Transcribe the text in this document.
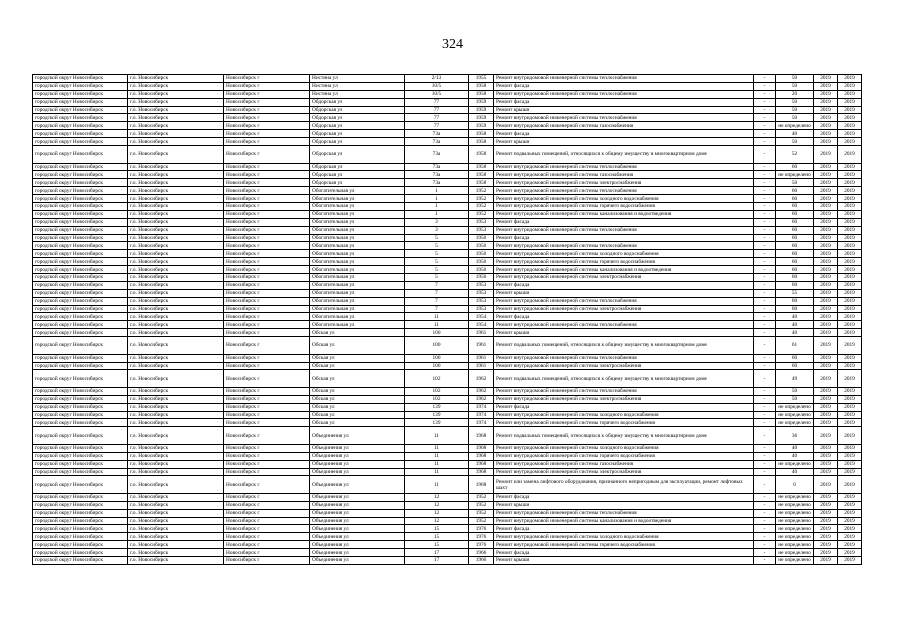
324
городской округ Новосибирск	г.о. Новосибирск	Новосибирск г	Нистина ул	2/13	1955	Ремонт внутридомовой инженерной системы теплоснабжения	-	50	2019	2019
городской округ Новосибирск	г.о. Новосибирск	Новосибирск г	Нистина ул	10/5	1958	Ремонт фасада	-	50	2019	2019
городской округ Новосибирск	г.о. Новосибирск	Новосибирск г	Нистина ул	10/5	1958	Ремонт внутридомовой инженерной системы теплоснабжения	-	20	2019	2019
городской округ Новосибирск	г.о. Новосибирск	Новосибирск г	Обдорская ул	77	1959	Ремонт фасада	-	50	2019	2019
городской округ Новосибирск	г.о. Новосибирск	Новосибирск г	Обдорская ул	77	1959	Ремонт крыши	-	50	2019	2019
городской округ Новосибирск	г.о. Новосибирск	Новосибирск г	Обдорская ул	77	1959	Ремонт внутридомовой инженерной системы теплоснабжения	-	50	2019	2019
городской округ Новосибирск	г.о. Новосибирск	Новосибирск г	Обдорская ул	77	1959	Ремонт внутридомовой инженерной системы газоснабжения	-	не определено	2019	2019
городской округ Новосибирск	г.о. Новосибирск	Новосибирск г	Обдорская ул	73а	1958	Ремонт фасада	-	40	2019	2019
городской округ Новосибирск	г.о. Новосибирск	Новосибирск г	Обдорская ул	73а	1958	Ремонт крыши	-	50	2019	2019
городской округ Новосибирск	г.о. Новосибирск	Новосибирск г	Обдорская ул	73а	1958	Ремонт подвальных помещений, относящихся к общему имуществу в многоквартирном доме	-	52	2019	2019
городской округ Новосибирск	г.о. Новосибирск	Новосибирск г	Обдорская ул	73а	1958	Ремонт внутридомовой инженерной системы теплоснабжения	-	60	2019	2019
городской округ Новосибирск	г.о. Новосибирск	Новосибирск г	Обдорская ул	73а	1958	Ремонт внутридомовой инженерной системы газоснабжения	-	не определено	2019	2019
городской округ Новосибирск	г.о. Новосибирск	Новосибирск г	Обдорская ул	73а	1958	Ремонт внутридомовой инженерной системы электроснабжения	-	50	2019	2019
городской округ Новосибирск	г.о. Новосибирск	Новосибирск г	Обогатительная ул	1	1952	Ремонт внутридомовой инженерной системы теплоснабжения	-	60	2019	2019
городской округ Новосибирск	г.о. Новосибирск	Новосибирск г	Обогатительная ул	1	1952	Ремонт внутридомовой инженерной системы холодного водоснабжения	-	60	2019	2019
городской округ Новосибирск	г.о. Новосибирск	Новосибирск г	Обогатительная ул	1	1952	Ремонт внутридомовой инженерной системы горячего водоснабжения	-	60	2019	2019
городской округ Новосибирск	г.о. Новосибирск	Новосибирск г	Обогатительная ул	1	1952	Ремонт внутридомовой инженерной системы канализования и водоотведения	-	60	2019	2019
городской округ Новосибирск	г.о. Новосибирск	Новосибирск г	Обогатительная ул	3	1953	Ремонт фасада	-	60	2019	2019
городской округ Новосибирск	г.о. Новосибирск	Новосибирск г	Обогатительная ул	3	1953	Ремонт внутридомовой инженерной системы теплоснабжения	-	60	2019	2019
городской округ Новосибирск	г.о. Новосибирск	Новосибирск г	Обогатительная ул	5	1950	Ремонт фасада	-	60	2019	2019
городской округ Новосибирск	г.о. Новосибирск	Новосибирск г	Обогатительная ул	5	1950	Ремонт внутридомовой инженерной системы теплоснабжения	-	60	2019	2019
городской округ Новосибирск	г.о. Новосибирск	Новосибирск г	Обогатительная ул	5	1950	Ремонт внутридомовой инженерной системы холодного водоснабжения	-	60	2019	2019
городской округ Новосибирск	г.о. Новосибирск	Новосибирск г	Обогатительная ул	5	1950	Ремонт внутридомовой инженерной системы горячего водоснабжения	-	60	2019	2019
городской округ Новосибирск	г.о. Новосибирск	Новосибирск г	Обогатительная ул	5	1950	Ремонт внутридомовой инженерной системы канализования и водоотведения	-	60	2019	2019
городской округ Новосибирск	г.о. Новосибирск	Новосибирск г	Обогатительная ул	5	1950	Ремонт внутридомовой инженерной системы электроснабжения	-	60	2019	2019
городской округ Новосибирск	г.о. Новосибирск	Новосибирск г	Обогатительная ул	7	1953	Ремонт фасада	-	60	2019	2019
городской округ Новосибирск	г.о. Новосибирск	Новосибирск г	Обогатительная ул	7	1953	Ремонт крыши	-	55	2019	2019
городской округ Новосибирск	г.о. Новосибирск	Новосибирск г	Обогатительная ул	7	1953	Ремонт внутридомовой инженерной системы теплоснабжения	-	60	2019	2019
городской округ Новосибирск	г.о. Новосибирск	Новосибирск г	Обогатительная ул	7	1953	Ремонт внутридомовой инженерной системы электроснабжения	-	60	2019	2019
городской округ Новосибирск	г.о. Новосибирск	Новосибирск г	Обогатительная ул	11	1954	Ремонт фасада	-	40	2019	2019
городской округ Новосибирск	г.о. Новосибирск	Новосибирск г	Обогатительная ул	11	1954	Ремонт внутридомовой инженерной системы теплоснабжения	-	40	2019	2019
городской округ Новосибирск	г.о. Новосибирск	Новосибирск г	Обская ул	100	1961	Ремонт крыши	-	40	2019	2019
городской округ Новосибирск	г.о. Новосибирск	Новосибирск г	Обская ул	100	1961	Ремонт подвальных помещений, относящихся к общему имуществу в многоквартирном доме	-	61	2019	2019
городской округ Новосибирск	г.о. Новосибирск	Новосибирск г	Обская ул	100	1961	Ремонт внутридомовой инженерной системы теплоснабжения	-	60	2019	2019
городской округ Новосибирск	г.о. Новосибирск	Новосибирск г	Обская ул	100	1961	Ремонт внутридомовой инженерной системы электроснабжения	-	60	2019	2019
городской округ Новосибирск	г.о. Новосибирск	Новосибирск г	Обская ул	102	1962	Ремонт подвальных помещений, относящихся к общему имуществу в многоквартирном доме	-	49	2019	2019
городской округ Новосибирск	г.о. Новосибирск	Новосибирск г	Обская ул	102	1962	Ремонт внутридомовой инженерной системы теплоснабжения	-	50	2019	2019
городской округ Новосибирск	г.о. Новосибирск	Новосибирск г	Обская ул	102	1962	Ремонт внутридомовой инженерной системы электроснабжения	-	50	2019	2019
городской округ Новосибирск	г.о. Новосибирск	Новосибирск г	Обская ул	139	1974	Ремонт фасада	-	не определено	2019	2019
городской округ Новосибирск	г.о. Новосибирск	Новосибирск г	Обская ул	139	1974	Ремонт внутридомовой инженерной системы холодного водоснабжения	-	не определено	2019	2019
городской округ Новосибирск	г.о. Новосибирск	Новосибирск г	Обская ул	139	1974	Ремонт внутридомовой инженерной системы горячего водоснабжения	-	не определено	2019	2019
городской округ Новосибирск	г.о. Новосибирск	Новосибирск г	Объединения ул	11	1968	Ремонт подвальных помещений, относящихся к общему имуществу в многоквартирном доме	-	36	2019	2019
городской округ Новосибирск	г.о. Новосибирск	Новосибирск г	Объединения ул	11	1968	Ремонт внутридомовой инженерной системы холодного водоснабжения	-	40	2019	2019
городской округ Новосибирск	г.о. Новосибирск	Новосибирск г	Объединения ул	11	1968	Ремонт внутридомовой инженерной системы горячего водоснабжения	-	40	2019	2019
городской округ Новосибирск	г.о. Новосибирск	Новосибирск г	Объединения ул	11	1968	Ремонт внутридомовой инженерной системы газоснабжения	-	не определено	2019	2019
городской округ Новосибирск	г.о. Новосибирск	Новосибирск г	Объединения ул	11	1968	Ремонт внутридомовой инженерной системы электроснабжения	-	40	2019	2019
городской округ Новосибирск	г.о. Новосибирск	Новосибирск г	Объединения ул	11	1968	Ремонт или замена лифтового оборудования, признанного непригодным для эксплуатации, ремонт лифтовых шахт	-	0	2019	2019
городской округ Новосибирск	г.о. Новосибирск	Новосибирск г	Объединения ул	12	1952	Ремонт фасада	-	не определено	2019	2019
городской округ Новосибирск	г.о. Новосибирск	Новосибирск г	Объединения ул	12	1952	Ремонт крыши	-	не определено	2019	2019
городской округ Новосибирск	г.о. Новосибирск	Новосибирск г	Объединения ул	12	1952	Ремонт внутридомовой инженерной системы теплоснабжения	-	не определено	2019	2019
городской округ Новосибирск	г.о. Новосибирск	Новосибирск г	Объединения ул	12	1952	Ремонт внутридомовой инженерной системы канализования и водоотведения	-	не определено	2019	2019
городской округ Новосибирск	г.о. Новосибирск	Новосибирск г	Объединения ул	15	1976	Ремонт фасада	-	не определено	2019	2019
городской округ Новосибирск	г.о. Новосибирск	Новосибирск г	Объединения ул	15	1976	Ремонт внутридомовой инженерной системы холодного водоснабжения	-	не определено	2019	2019
городской округ Новосибирск	г.о. Новосибирск	Новосибирск г	Объединения ул	15	1976	Ремонт внутридомовой инженерной системы горячего водоснабжения	-	не определено	2019	2019
городской округ Новосибирск	г.о. Новосибирск	Новосибирск г	Объединения ул	17	1966	Ремонт фасада	-	не определено	2019	2019
городской округ Новосибирск	г.о. Новосибирск	Новосибирск г	Объединения ул	17	1966	Ремонт крыши	-	не определено	2019	2019
